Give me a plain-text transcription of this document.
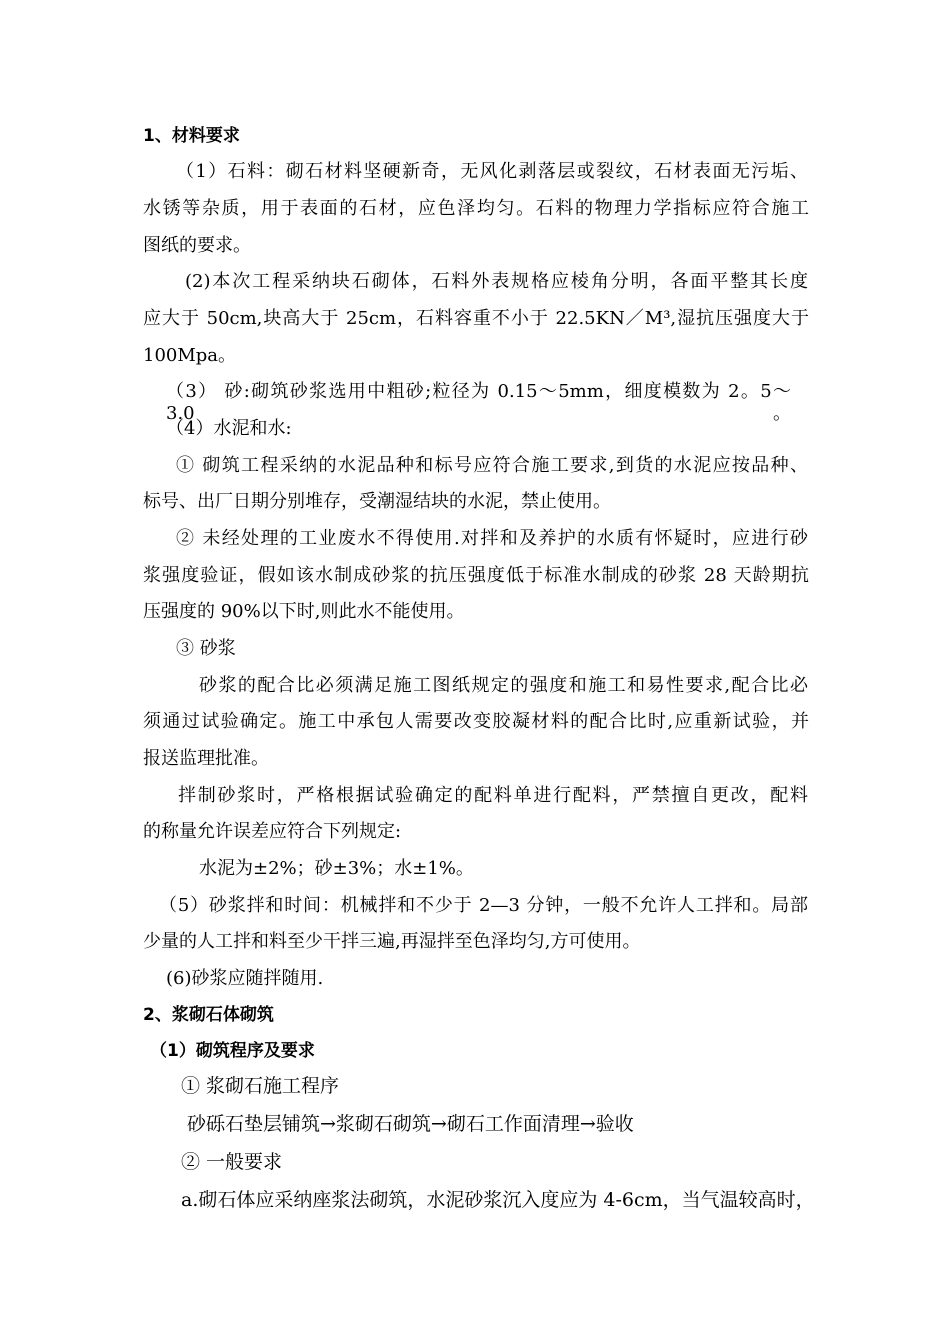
1、材料要求
（1）石料：砌石材料坚硬新奇，无风化剥落层或裂纹，石材表面无污垢、
水锈等杂质，用于表面的石材，应色泽均匀。石料的物理力学指标应符合施工
图纸的要求。
(2)本次工程采纳块石砌体，石料外表规格应棱角分明，各面平整其长度
应大于 50cm,块高大于 25cm，石料容重不小于 22.5KN／M³,湿抗压强度大于
100Mpa。
（3） 砂:砌筑砂浆选用中粗砂;粒径为 0.15～5mm，细度模数为 2。5～3.0。
（4）水泥和水:
① 砌筑工程采纳的水泥品种和标号应符合施工要求,到货的水泥应按品种、
标号、出厂日期分别堆存，受潮湿结块的水泥，禁止使用。
② 未经处理的工业废水不得使用.对拌和及养护的水质有怀疑时，应进行砂
浆强度验证，假如该水制成砂浆的抗压强度低于标准水制成的砂浆 28 天龄期抗
压强度的 90%以下时,则此水不能使用。
③ 砂浆
砂浆的配合比必须满足施工图纸规定的强度和施工和易性要求,配合比必
须通过试验确定。施工中承包人需要改变胶凝材料的配合比时,应重新试验，并
报送监理批准。
拌制砂浆时，严格根据试验确定的配料单进行配料，严禁擅自更改，配料
的称量允许误差应符合下列规定:
水泥为±2%；砂±3%；水±1%。
（5）砂浆拌和时间：机械拌和不少于 2—3 分钟，一般不允许人工拌和。局部
少量的人工拌和料至少干拌三遍,再湿拌至色泽均匀,方可使用。
(6)砂浆应随拌随用.
2、浆砌石体砌筑
（1）砌筑程序及要求
① 浆砌石施工程序
砂砾石垫层铺筑→浆砌石砌筑→砌石工作面清理→验收
② 一般要求
a.砌石体应采纳座浆法砌筑，水泥砂浆沉入度应为 4-6cm，当气温较高时，
